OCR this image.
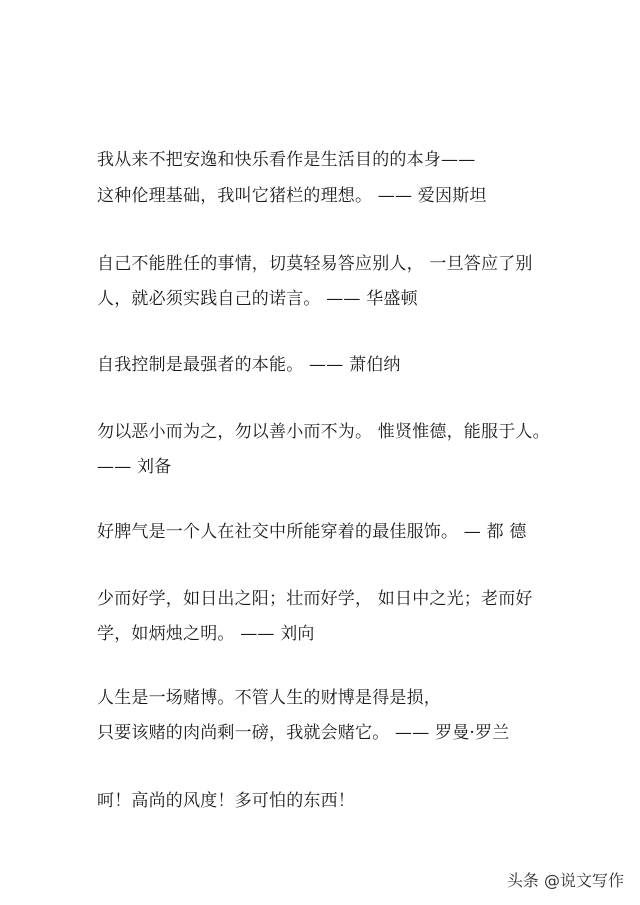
我从来不把安逸和快乐看作是生活目的的本身——
这种伦理基础，我叫它猪栏的理想。 —— 爱因斯坦
自己不能胜任的事情，切莫轻易答应别人， 一旦答应了别
人，就必须实践自己的诺言。 —— 华盛顿
自我控制是最强者的本能。 —— 萧伯纳
勿以恶小而为之，勿以善小而不为。 惟贤惟德，能服于人。
—— 刘备
好脾气是一个人在社交中所能穿着的最佳服饰。 — 都 德
少而好学，如日出之阳；壮而好学， 如日中之光；老而好
学，如炳烛之明。 —— 刘向
人生是一场赌博。不管人生的财博是得是损，
只要该赌的肉尚剩一磅，我就会赌它。 —— 罗曼·罗兰
呵！高尚的风度！多可怕的东西！
头条 @说文写作
